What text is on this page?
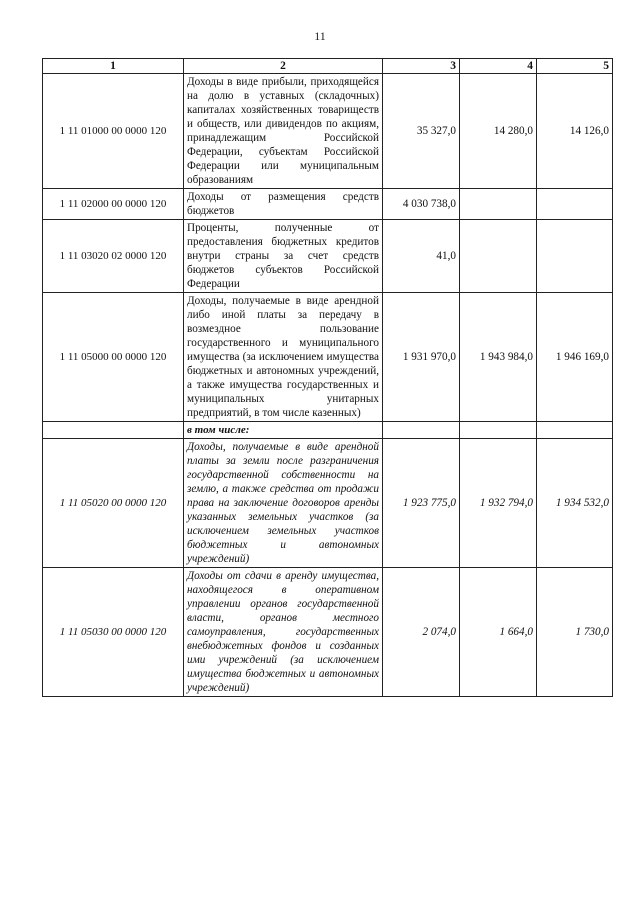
11
1	2	3	4	5
1 11 01000 00 0000 120	Доходы в виде прибыли, приходящейся на долю в уставных (складочных) капиталах хозяйственных товариществ и обществ, или дивидендов по акциям, принадлежащим Российской Федерации, субъектам Российской Федерации или муниципальным образованиям	35 327,0	14 280,0	14 126,0
1 11 02000 00 0000 120	Доходы от размещения средств бюджетов	4 030 738,0		
1 11 03020 02 0000 120	Проценты, полученные от предоставления бюджетных кредитов внутри страны за счет средств бюджетов субъектов Российской Федерации	41,0		
1 11 05000 00 0000 120	Доходы, получаемые в виде арендной либо иной платы за передачу в возмездное пользование государственного и муниципального имущества (за исключением имущества бюджетных и автономных учреждений, а также имущества государственных и муниципальных унитарных предприятий, в том числе казенных)	1 931 970,0	1 943 984,0	1 946 169,0
	в том числе:			
1 11 05020 00 0000 120	Доходы, получаемые в виде арендной платы за земли после разграничения государственной собственности на землю, а также средства от продажи права на заключение договоров аренды указанных земельных участков (за исключением земельных участков бюджетных и автономных учреждений)	1 923 775,0	1 932 794,0	1 934 532,0
1 11 05030 00 0000 120	Доходы от сдачи в аренду имущества, находящегося в оперативном управлении органов государственной власти, органов местного самоуправления, государственных внебюджетных фондов и созданных ими учреждений (за исключением имущества бюджетных и автономных учреждений)	2 074,0	1 664,0	1 730,0
